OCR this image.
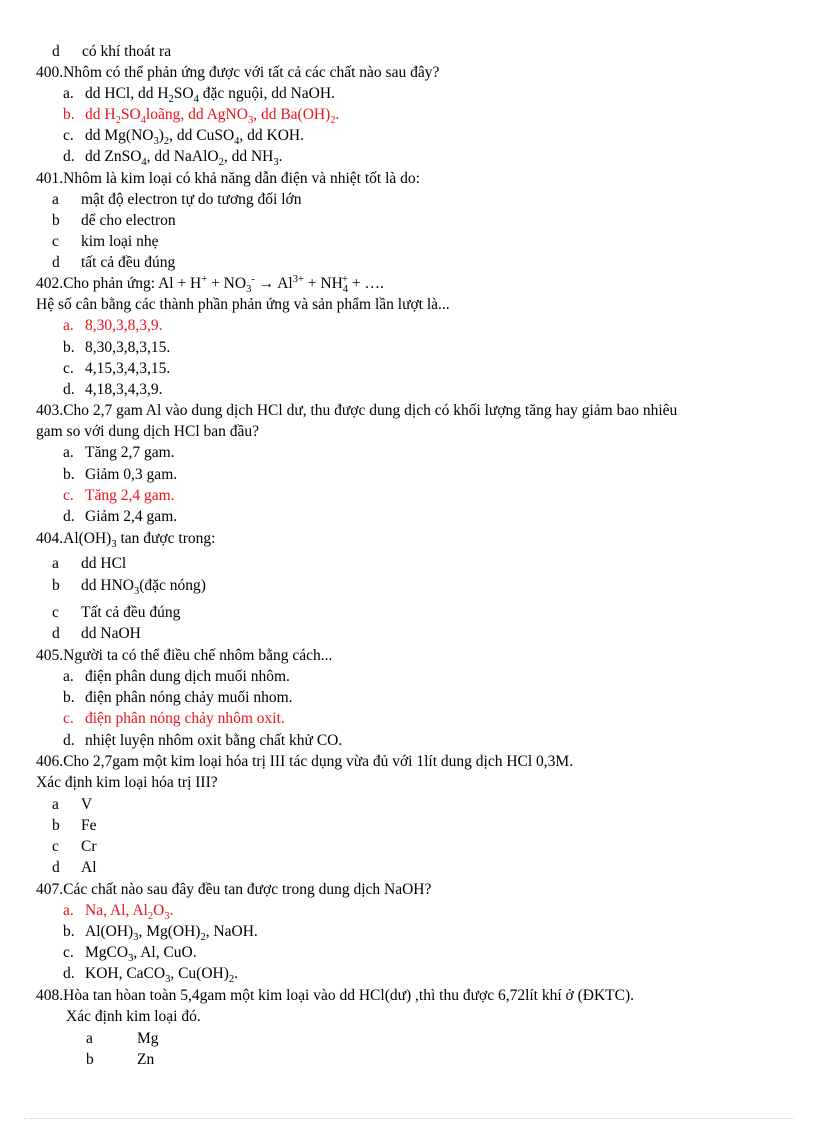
d có khí thoát ra
400.Nhôm có thể phản ứng được với tất cả các chất nào sau đây?
a. dd HCl, dd $H_2SO_4$ đặc nguội, dd NaOH.
b. dd $H_2SO_4loãng$, dd AgNO$_3$, dd $Ba(OH)_2$.
c. dd $Mg(NO_3)_2$, dd CuSO$_4$, dd KOH.
d. dd ZnSO$_4$, dd NaAlO$_2$, dd $NH_3$.
401.Nhôm là kim loại có khả năng dẫn điện và nhiệt tốt là do:
a mật độ electron tự do tương đối lớn
b dể cho electron
c kim loại nhẹ
d tất cả đều đúng
402.Cho phản ứng: $Al + H^+ + NO_3^- \to Al^{3+} + NH_4^+$ + ….
Hệ số cân bằng các thành phần phản ứng và sản phẩm lần lượt là...
a. 8,30,3,8,3,9.
b. 8,30,3,8,3,15.
c. 4,15,3,4,3,15.
d. 4,18,3,4,3,9.
403.Cho 2,7 gam Al vào dung dịch HCl dư, thu được dung dịch có khối lượng tăng hay giảm bao nhiêu
gam so với dung dịch HCl ban đầu?
a. Tăng 2,7 gam.
b. Giảm 0,3 gam.
c. Tăng 2,4 gam.
d. Giảm 2,4 gam.
$404.Al(OH)_3$ tan được trong:
a dd HCl
b dd $HNO_3(đặc$ nóng)
c Tất cả đều đúng
d dd NaOH
405.Người ta có thể điều chế nhôm bằng cách...
a. điện phân dung dịch muối nhôm.
b. điện phân nóng chảy muối nhom.
c. điện phân nóng chảy nhôm oxit.
d. nhiệt luyện nhôm oxit bằng chất khử CO.
406.Cho 2,7gam một kim loại hóa trị III tác dụng vừa đủ với 1lít dung dịch HCl 0,3M.
Xác định kim loại hóa trị III?
a V
b Fe
c Cr
d Al
407.Các chất nào sau đây đều tan được trong dung dịch NaOH?
a. Na, Al, $Al_2O_3$.
b. $Al(OH)_3$, $Mg(OH)_2$, NaOH.
c. MgCO$_3$, Al, CuO.
d. KOH, CaCO$_3$, $Cu(OH)_2$.
408.Hòa tan hòan toàn 5,4gam một kim loại vào dd HCl(dư) ,thì thu được 6,72lít khí ở (ĐKTC).
Xác định kim loại đó.
a	Mg
b	Zn
